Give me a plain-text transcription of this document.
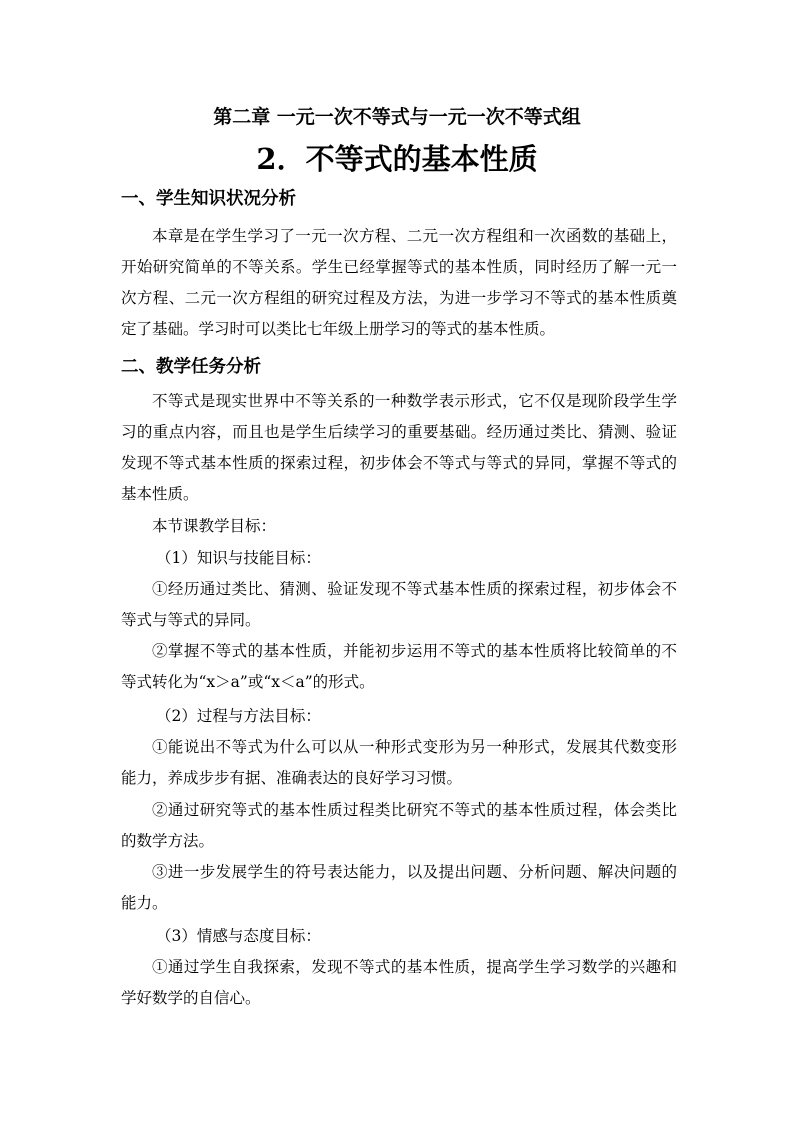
第二章 一元一次不等式与一元一次不等式组
2．不等式的基本性质
一、学生知识状况分析

本章是在学生学习了一元一次方程、二元一次方程组和一次函数的基础上，开始研究简单的不等关系。学生已经掌握等式的基本性质，同时经历了解一元一次方程、二元一次方程组的研究过程及方法，为进一步学习不等式的基本性质奠定了基础。学习时可以类比七年级上册学习的等式的基本性质。

二、教学任务分析

不等式是现实世界中不等关系的一种数学表示形式，它不仅是现阶段学生学习的重点内容，而且也是学生后续学习的重要基础。经历通过类比、猜测、验证发现不等式基本性质的探索过程，初步体会不等式与等式的异同，掌握不等式的基本性质。

本节课教学目标：

（1）知识与技能目标：

①经历通过类比、猜测、验证发现不等式基本性质的探索过程，初步体会不等式与等式的异同。

②掌握不等式的基本性质，并能初步运用不等式的基本性质将比较简单的不等式转化为“x＞a”或“x＜a”的形式。

（2）过程与方法目标：

①能说出不等式为什么可以从一种形式变形为另一种形式，发展其代数变形能力，养成步步有据、准确表达的良好学习习惯。

②通过研究等式的基本性质过程类比研究不等式的基本性质过程，体会类比的数学方法。

③进一步发展学生的符号表达能力，以及提出问题、分析问题、解决问题的能力。

（3）情感与态度目标：

①通过学生自我探索，发现不等式的基本性质，提高学生学习数学的兴趣和学好数学的自信心。
